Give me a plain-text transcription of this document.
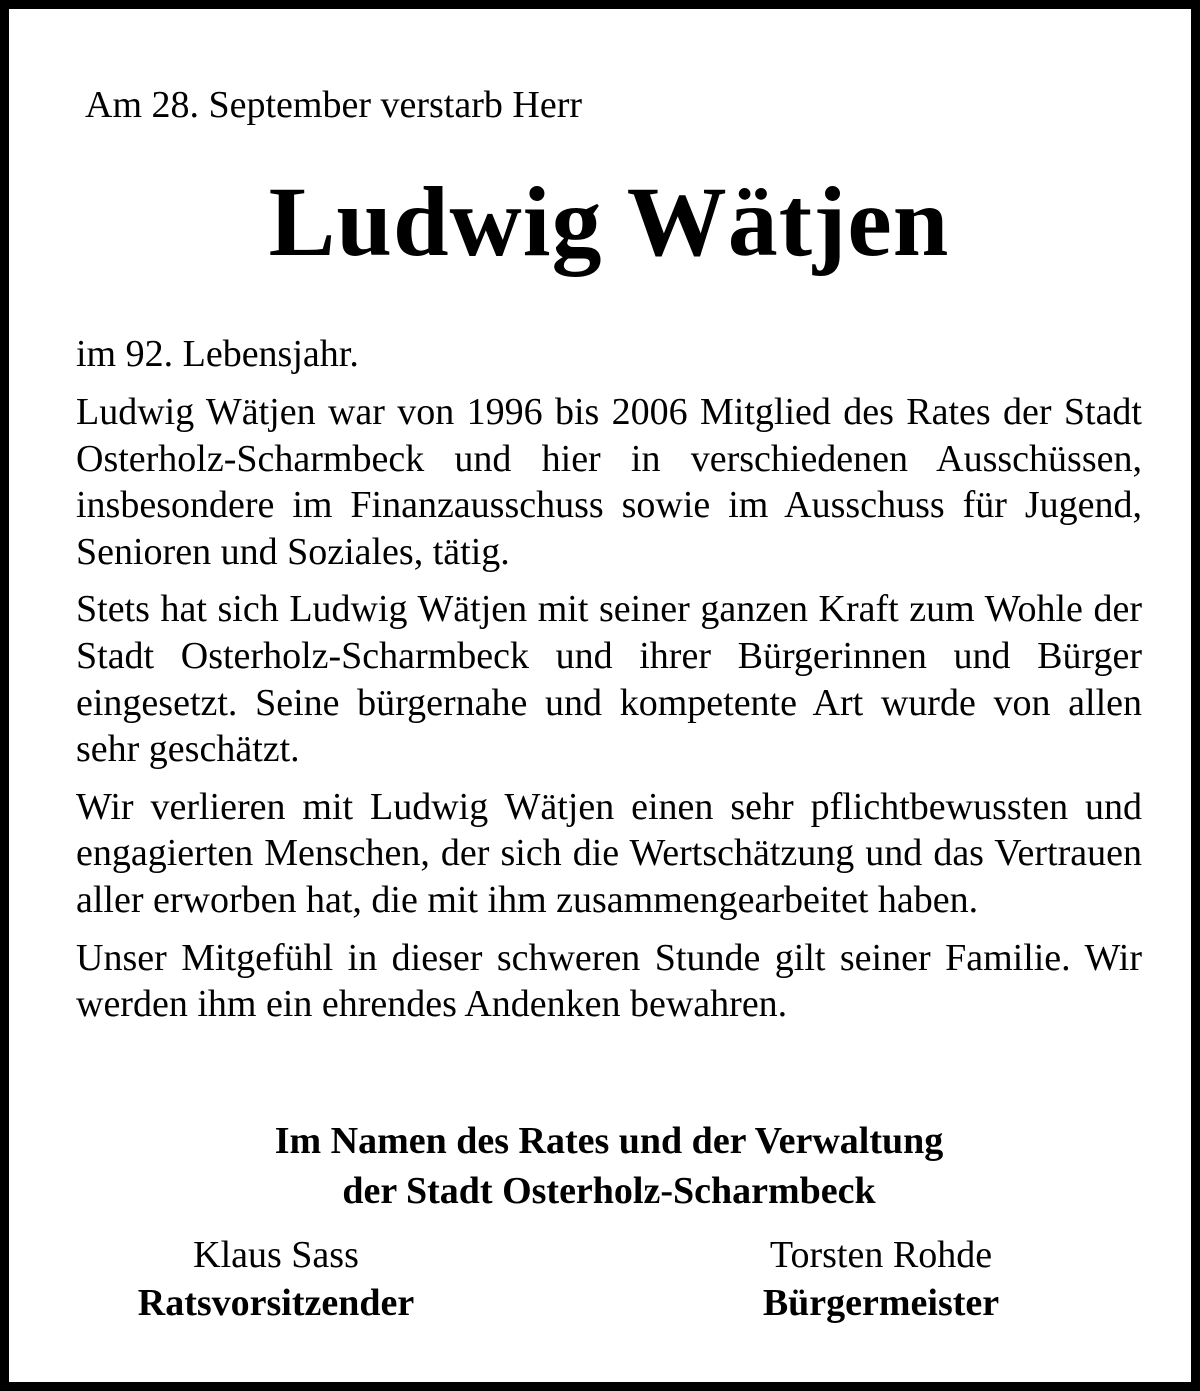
Am 28. September verstarb Herr
Ludwig Wätjen
im 92. Lebensjahr.

Ludwig Wätjen war von 1996 bis 2006 Mitglied des Rates der Stadt Osterholz-Scharmbeck und hier in verschiedenen Ausschüssen, insbesondere im Finanzausschuss sowie im Ausschuss für Jugend, Senioren und Soziales, tätig.

Stets hat sich Ludwig Wätjen mit seiner ganzen Kraft zum Wohle der Stadt Osterholz-Scharmbeck und ihrer Bürgerinnen und Bürger eingesetzt. Seine bürgernahe und kompetente Art wurde von allen sehr geschätzt.

Wir verlieren mit Ludwig Wätjen einen sehr pflichtbewussten und engagierten Menschen, der sich die Wertschätzung und das Vertrauen aller erworben hat, die mit ihm zusammengearbeitet haben.

Unser Mitgefühl in dieser schweren Stunde gilt seiner Familie. Wir werden ihm ein ehrendes Andenken bewahren.

Im Namen des Rates und der Verwaltung
der Stadt Osterholz-Scharmbeck
Klaus Sass
Ratsvorsitzender
Torsten Rohde
Bürgermeister
